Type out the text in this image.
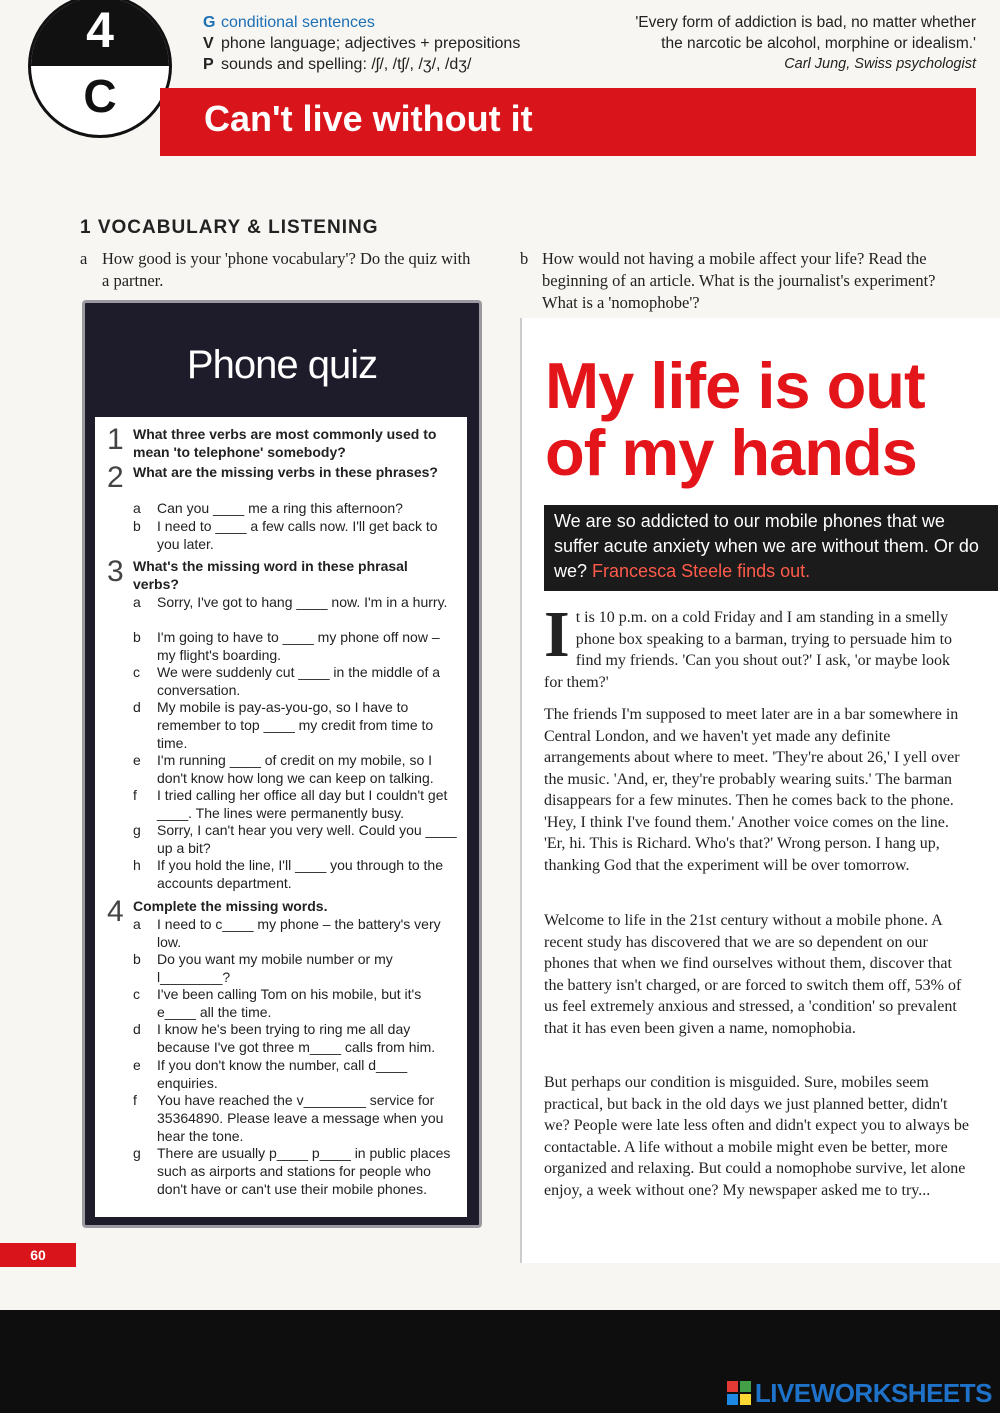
4
C
G conditional sentences
V phone language; adjectives + prepositions
P sounds and spelling: /ʃ/, /tʃ/, /ʒ/, /dʒ/
'Every form of addiction is bad, no matter whether the narcotic be alcohol, morphine or idealism.'
Carl Jung, Swiss psychologist
Can't live without it
1 VOCABULARY & LISTENING
a How good is your 'phone vocabulary'? Do the quiz with a partner.
b How would not having a mobile affect your life? Read the beginning of an article. What is the journalist's experiment? What is a 'nomophobe'?
Phone quiz
1 What three verbs are most commonly used to mean 'to telephone' somebody?
2 What are the missing verbs in these phrases?
a Can you ____ me a ring this afternoon?
b I need to ____ a few calls now. I'll get back to you later.
3 What's the missing word in these phrasal verbs?
a Sorry, I've got to hang ____ now. I'm in a hurry.
b I'm going to have to ____ my phone off now – my flight's boarding.
c We were suddenly cut ____ in the middle of a conversation.
d My mobile is pay-as-you-go, so I have to remember to top ____ my credit from time to time.
e I'm running ____ of credit on my mobile, so I don't know how long we can keep on talking.
f I tried calling her office all day but I couldn't get ____. The lines were permanently busy.
g Sorry, I can't hear you very well. Could you ____ up a bit?
h If you hold the line, I'll ____ you through to the accounts department.
4 Complete the missing words.
a I need to c____ my phone – the battery's very low.
b Do you want my mobile number or my l________?
c I've been calling Tom on his mobile, but it's e____ all the time.
d I know he's been trying to ring me all day because I've got three m____ calls from him.
e If you don't know the number, call d____ enquiries.
f You have reached the v________ service for 35364890. Please leave a message when you hear the tone.
g There are usually p____ p____ in public places such as airports and stations for people who don't have or can't use their mobile phones.
My life is out
of my hands
We are so addicted to our mobile phones that we suffer acute anxiety when we are without them. Or do we? Francesca Steele finds out.
It is 10 p.m. on a cold Friday and I am standing in a smelly phone box speaking to a barman, trying to persuade him to find my friends. 'Can you shout out?' I ask, 'or maybe look for them?'
The friends I'm supposed to meet later are in a bar somewhere in Central London, and we haven't yet made any definite arrangements about where to meet. 'They're about 26,' I yell over the music. 'And, er, they're probably wearing suits.' The barman disappears for a few minutes. Then he comes back to the phone. 'Hey, I think I've found them.' Another voice comes on the line. 'Er, hi. This is Richard. Who's that?' Wrong person. I hang up, thanking God that the experiment will be over tomorrow.
Welcome to life in the 21st century without a mobile phone. A recent study has discovered that we are so dependent on our phones that when we find ourselves without them, discover that the battery isn't charged, or are forced to switch them off, 53% of us feel extremely anxious and stressed, a 'condition' so prevalent that it has even been given a name, nomophobia.
But perhaps our condition is misguided. Sure, mobiles seem practical, but back in the old days we just planned better, didn't we? People were late less often and didn't expect you to always be contactable. A life without a mobile might even be better, more organized and relaxing. But could a nomophobe survive, let alone enjoy, a week without one? My newspaper asked me to try...
60
LIVEWORKSHEETS
